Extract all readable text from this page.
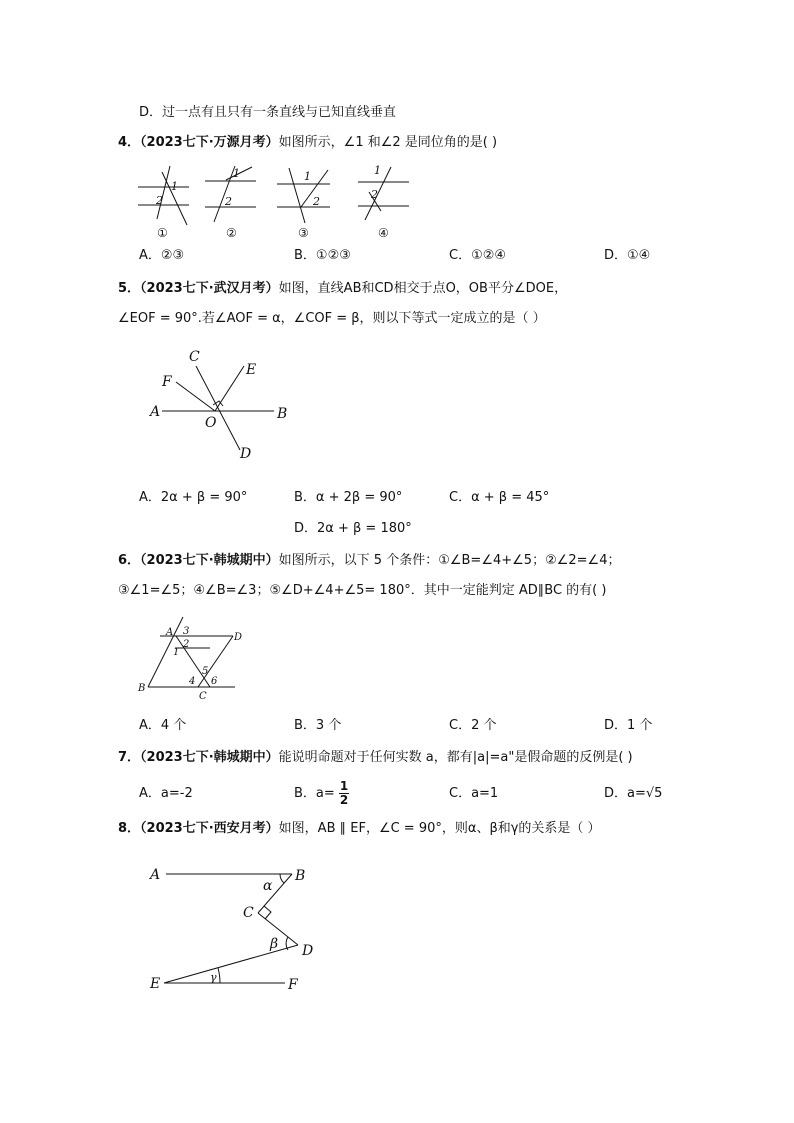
D．过一点有且只有一条直线与已知直线垂直
4．（2023七下·万源月考）如图所示，∠1 和∠2 是同位角的是( )
1
2
1
2
1
2
1
2
①	②	③	④
A．②③	B．①②③	C．①②④	D．①④
5．（2023七下·武汉月考）如图，直线AB和CD相交于点O，OB平分∠DOE，
∠EOF = 90°.若∠AOF = α，∠COF = β，则以下等式一定成立的是（ ）
A	B
C
D
E
F
O
A．2α + β = 90°	B．α + 2β = 90°	C．α + β = 45°
D．2α + β = 180°
6．（2023七下·韩城期中）如图所示，以下 5 个条件：①∠B=∠4+∠5；②∠2=∠4；
③∠1=∠5；④∠B=∠3；⑤∠D+∠4+∠5= 180°．其中一定能判定 AD∥BC 的有( )
A
B
C
D
1
2
3
4
5
6
A．4 个	B．3 个	C．2 个	D．1 个
7．（2023七下·韩城期中）能说明命题对于任何实数 a，都有|a|=a"是假命题的反例是( )
A．a=-2	B．$a= \frac{1}{2}$	C．a=1	D．a=√5
8．（2023七下·西安月考）如图，AB ∥ EF，∠C = 90°，则α、β和γ的关系是（ ）
A	B
C
D
E	F
α
β
γ
